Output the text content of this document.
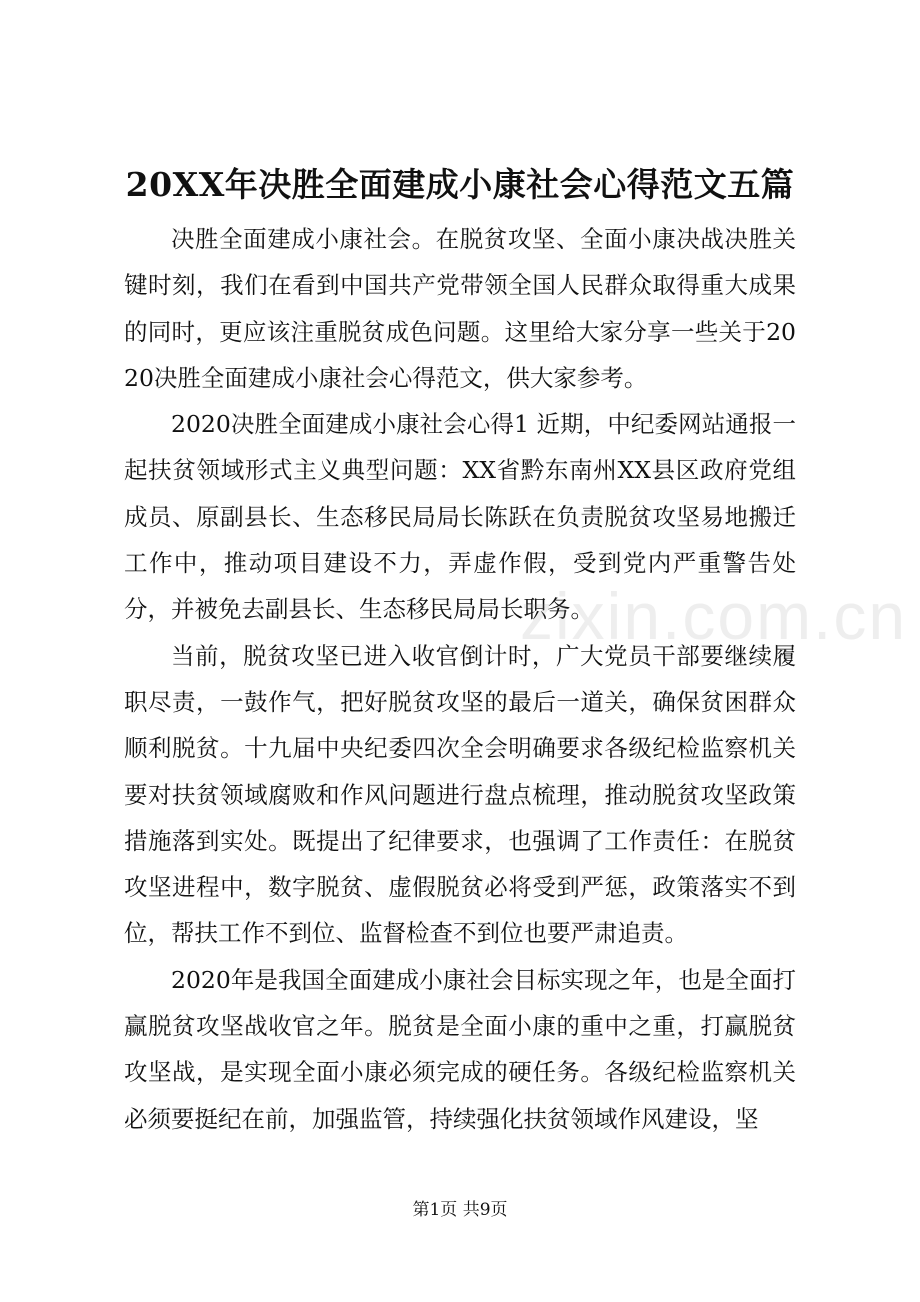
20XX年决胜全面建成小康社会心得范文五篇

决胜全面建成小康社会。在脱贫攻坚、全面小康决战决胜关键时刻，我们在看到中国共产党带领全国人民群众取得重大成果的同时，更应该注重脱贫成色问题。这里给大家分享一些关于2020决胜全面建成小康社会心得范文，供大家参考。

2020决胜全面建成小康社会心得1 近期，中纪委网站通报一起扶贫领域形式主义典型问题：XX省黔东南州XX县区政府党组成员、原副县长、生态移民局局长陈跃在负责脱贫攻坚易地搬迁工作中，推动项目建设不力，弄虚作假，受到党内严重警告处分，并被免去副县长、生态移民局局长职务。

当前，脱贫攻坚已进入收官倒计时，广大党员干部要继续履职尽责，一鼓作气，把好脱贫攻坚的最后一道关，确保贫困群众顺利脱贫。十九届中央纪委四次全会明确要求各级纪检监察机关要对扶贫领域腐败和作风问题进行盘点梳理，推动脱贫攻坚政策措施落到实处。既提出了纪律要求，也强调了工作责任：在脱贫攻坚进程中，数字脱贫、虚假脱贫必将受到严惩，政策落实不到位，帮扶工作不到位、监督检查不到位也要严肃追责。

2020年是我国全面建成小康社会目标实现之年，也是全面打赢脱贫攻坚战收官之年。脱贫是全面小康的重中之重，打赢脱贫攻坚战，是实现全面小康必须完成的硬任务。各级纪检监察机关必须要挺纪在前，加强监管，持续强化扶贫领域作风建设，坚

zixin.com.cn
第1页 共9页
